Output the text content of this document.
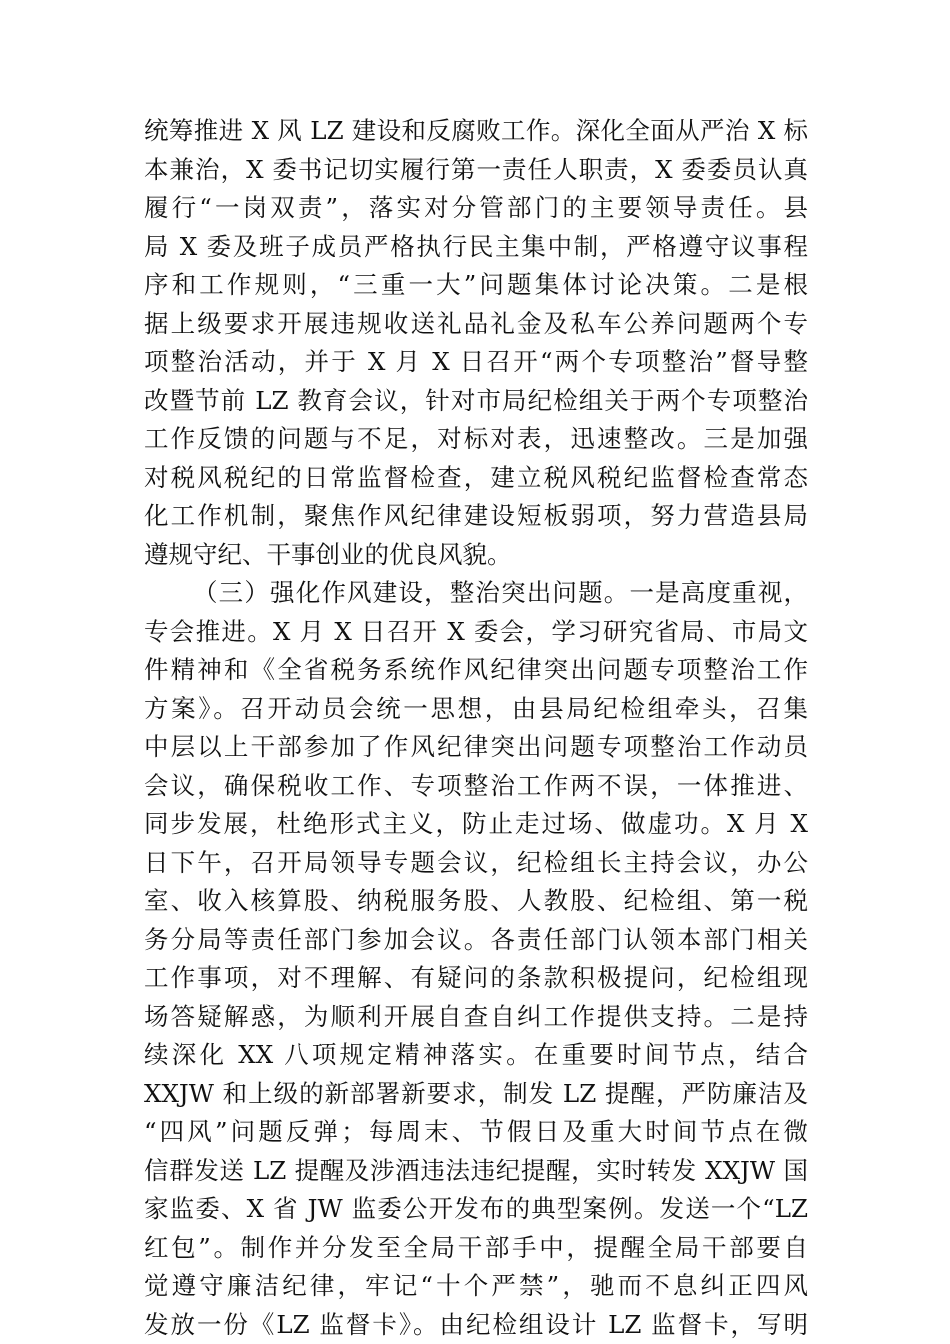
统筹推进 X 风 LZ 建设和反腐败工作。深化全面从严治 X 标
本兼治，X 委书记切实履行第一责任人职责，X 委委员认真
履行“一岗双责”，落实对分管部门的主要领导责任。县
局 X 委及班子成员严格执行民主集中制，严格遵守议事程
序和工作规则，“三重一大”问题集体讨论决策。二是根
据上级要求开展违规收送礼品礼金及私车公养问题两个专
项整治活动，并于 X 月 X 日召开“两个专项整治”督导整
改暨节前 LZ 教育会议，针对市局纪检组关于两个专项整治
工作反馈的问题与不足，对标对表，迅速整改。三是加强
对税风税纪的日常监督检查，建立税风税纪监督检查常态
化工作机制，聚焦作风纪律建设短板弱项，努力营造县局
遵规守纪、干事创业的优良风貌。
（三）强化作风建设，整治突出问题。一是高度重视，
专会推进。X 月 X 日召开 X 委会，学习研究省局、市局文
件精神和《全省税务系统作风纪律突出问题专项整治工作
方案》。召开动员会统一思想，由县局纪检组牵头，召集
中层以上干部参加了作风纪律突出问题专项整治工作动员
会议，确保税收工作、专项整治工作两不误，一体推进、
同步发展，杜绝形式主义，防止走过场、做虚功。X 月 X
日下午，召开局领导专题会议，纪检组长主持会议，办公
室、收入核算股、纳税服务股、人教股、纪检组、第一税
务分局等责任部门参加会议。各责任部门认领本部门相关
工作事项，对不理解、有疑问的条款积极提问，纪检组现
场答疑解惑，为顺利开展自查自纠工作提供支持。二是持
续深化 XX 八项规定精神落实。在重要时间节点，结合
XXJW 和上级的新部署新要求，制发 LZ 提醒，严防廉洁及
“四风”问题反弹；每周末、节假日及重大时间节点在微
信群发送 LZ 提醒及涉酒违法违纪提醒，实时转发 XXJW 国
家监委、X 省 JW 监委公开发布的典型案例。发送一个“LZ
红包”。制作并分发至全局干部手中，提醒全局干部要自
觉遵守廉洁纪律，牢记“十个严禁”，驰而不息纠正四风
发放一份《LZ 监督卡》。由纪检组设计 LZ 监督卡，写明
